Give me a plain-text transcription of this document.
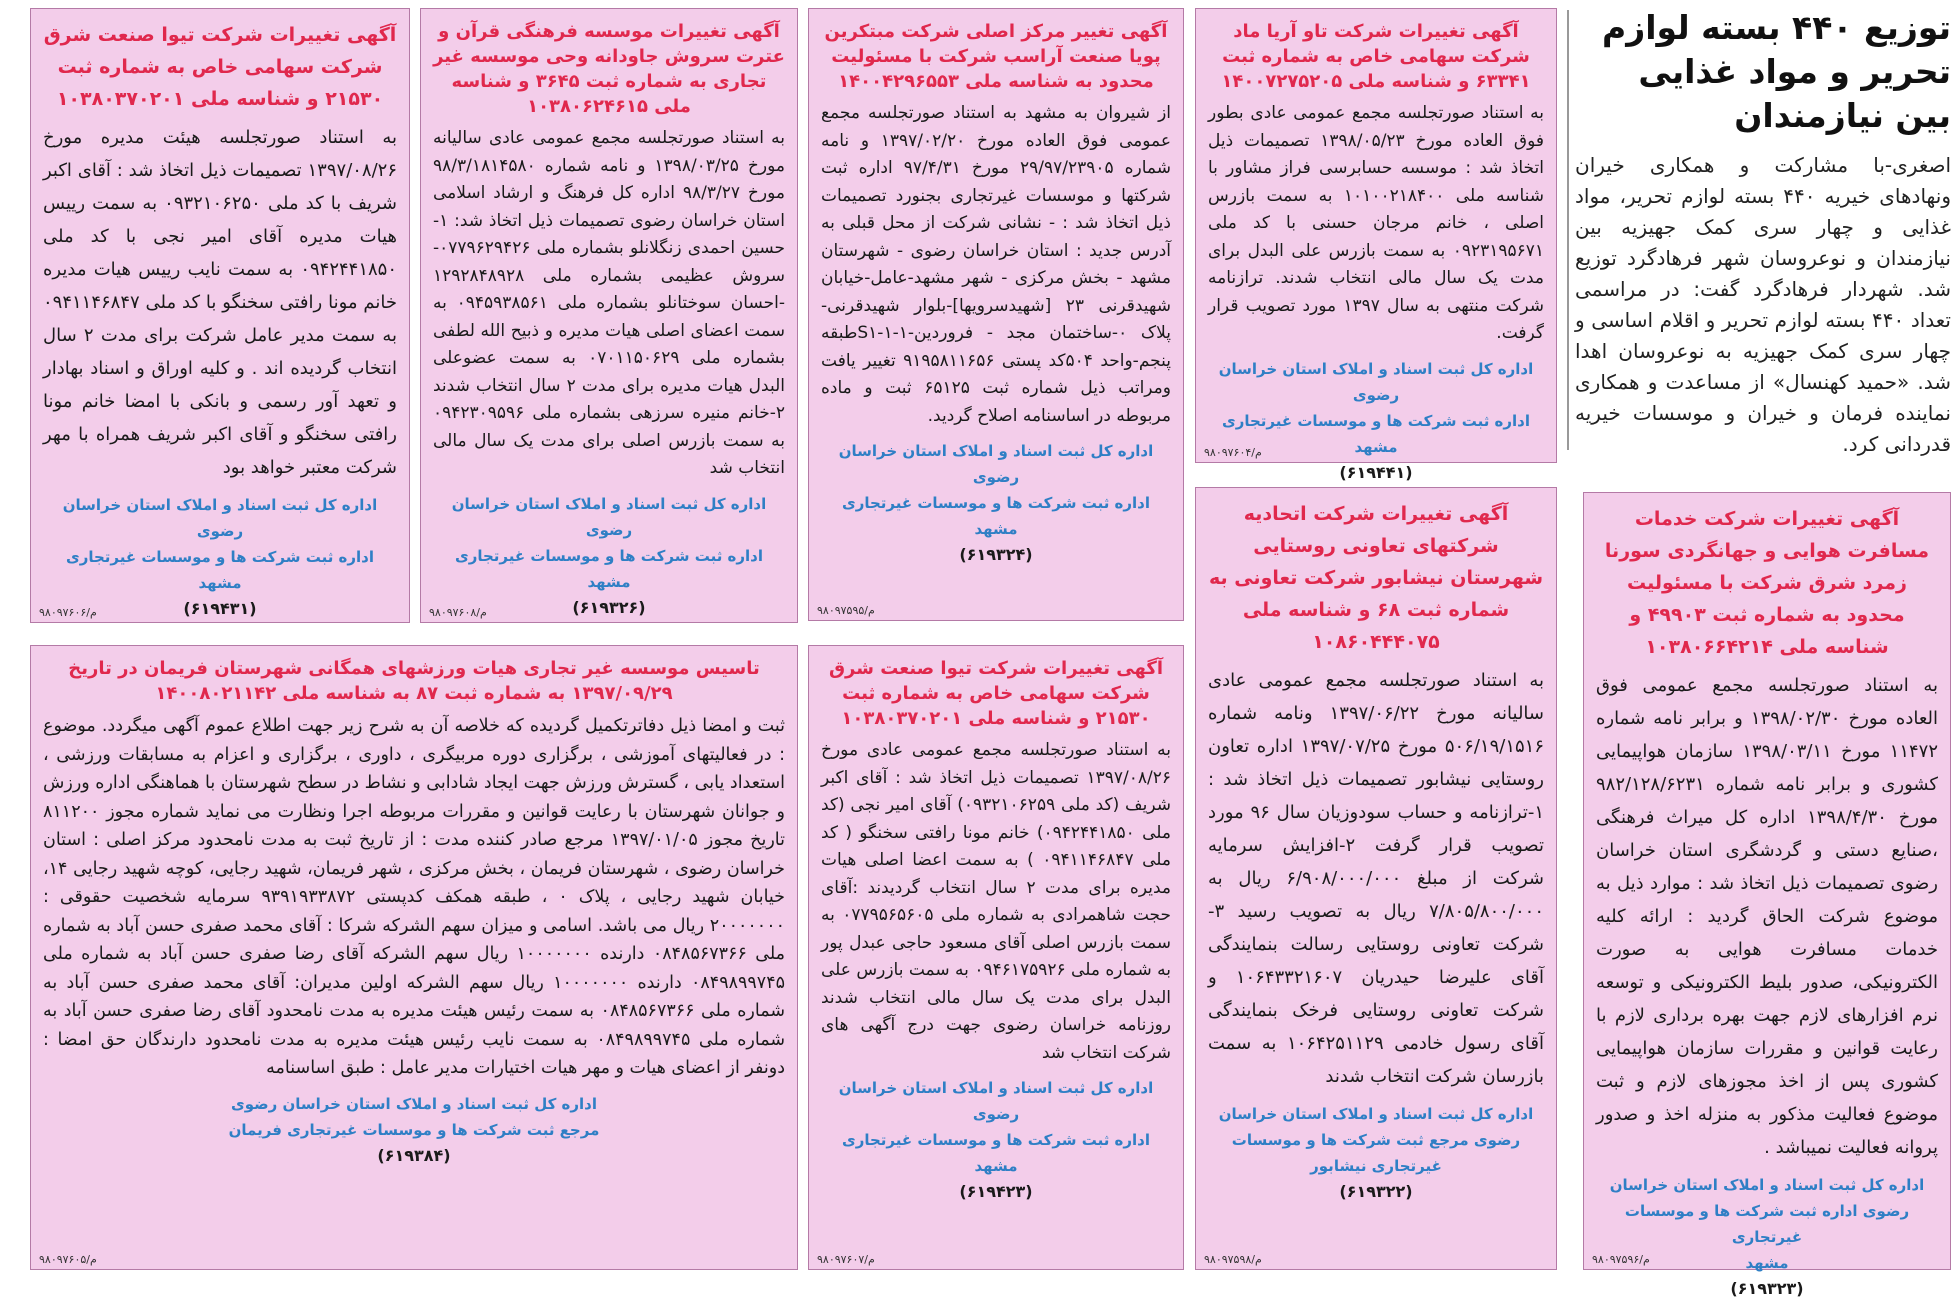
توزیع ۴۴۰ بسته لوازم تحریر و مواد غذایی بین نیازمندان

اصغری-با مشارکت و همکاری خیران ونهادهای خیریه ۴۴۰ بسته لوازم تحریر، مواد غذایی و چهار سری کمک جهیزیه بین نیازمندان و نوعروسان شهر فرهادگرد توزیع شد. شهردار فرهادگرد گفت: در مراسمی تعداد ۴۴۰ بسته لوازم تحریر و اقلام اساسی و چهار سری کمک جهیزیه به نوعروسان اهدا شد. «حمید کهنسال» از مساعدت و همکاری نماینده فرمان و خیران و موسسات خیریه قدردانی کرد.

آگهی تغییرات شرکت تاو آریا ماد شرکت سهامی خاص به شماره ثبت ۶۳۳۴۱ و شناسه ملی ۱۴۰۰۷۲۷۵۲۰۵

به استناد صورتجلسه مجمع عمومی عادی بطور فوق العاده مورخ ۱۳۹۸/۰۵/۲۳ تصمیمات ذیل اتخاذ شد : موسسه حسابرسی فراز مشاور با شناسه ملی ۱۰۱۰۰۲۱۸۴۰۰ به سمت بازرس اصلی ، خانم مرجان حسنی با کد ملی ۰۹۲۳۱۹۵۶۷۱ به سمت بازرس علی البدل برای مدت یک سال مالی انتخاب شدند. ترازنامه شرکت منتهی به سال ۱۳۹۷ مورد تصویب قرار گرفت.

اداره کل ثبت اسناد و املاک استان خراسان رضوی
اداره ثبت شرکت ها و موسسات غیرتجاری مشهد
(۶۱۹۴۴۱)
۹۸۰۹۷۶۰۴/م

آگهی تغییر مرکز اصلی شرکت مبتکرین پویا صنعت آراسب شرکت با مسئولیت محدود به شناسه ملی ۱۴۰۰۴۲۹۶۵۵۳

از شیروان به مشهد به استناد صورتجلسه مجمع عمومی فوق العاده مورخ ۱۳۹۷/۰۲/۲۰ و نامه شماره ۲۹/۹۷/۲۳۹۰۵ مورخ ۹۷/۴/۳۱ اداره ثبت شرکتها و موسسات غیرتجاری بجنورد تصمیمات ذیل اتخاذ شد : - نشانی شرکت از محل قبلی به آدرس جدید : استان خراسان رضوی - شهرستان مشهد - بخش مرکزی - شهر مشهد-عامل-خیابان شهیدقرنی ۲۳ [شهیدسرویها]-بلوار شهیدقرنی-پلاک ۰-ساختمان مجد - فروردین-۱-۱-S۱طبقه پنجم-واحد ۵۰۴کد پستی ۹۱۹۵۸۱۱۶۵۶ تغییر یافت ومراتب ذیل شماره ثبت ۶۵۱۲۵ ثبت و ماده مربوطه در اساسنامه اصلاح گردید.

اداره کل ثبت اسناد و املاک استان خراسان رضوی
اداره ثبت شرکت ها و موسسات غیرتجاری مشهد
(۶۱۹۳۲۴)
۹۸۰۹۷۵۹۵/م

آگهی تغییرات موسسه فرهنگی قرآن و عترت سروش جاودانه وحی موسسه غیر تجاری به شماره ثبت ۳۶۴۵ و شناسه ملی ۱۰۳۸۰۶۲۴۶۱۵

به استناد صورتجلسه مجمع عمومی عادی سالیانه مورخ ۱۳۹۸/۰۳/۲۵ و نامه شماره ۹۸/۳/۱۸۱۴۵۸۰ مورخ ۹۸/۳/۲۷ اداره کل فرهنگ و ارشاد اسلامی استان خراسان رضوی تصمیمات ذیل اتخاذ شد: ۱-حسین احمدی زنگلانلو بشماره ملی ۰۷۷۹۶۲۹۴۲۶-سروش عظیمی بشماره ملی ۱۲۹۲۸۴۸۹۲۸ -احسان سوختانلو بشماره ملی ۰۹۴۵۹۳۸۵۶۱ به سمت اعضای اصلی هیات مدیره و ذبیح الله لطفی بشماره ملی ۰۷۰۱۱۵۰۶۲۹ به سمت عضوعلی البدل هیات مدیره برای مدت ۲ سال انتخاب شدند ۲-خانم منیره سرزهی بشماره ملی ۰۹۴۲۳۰۹۵۹۶ به سمت بازرس اصلی برای مدت یک سال مالی انتخاب شد

اداره کل ثبت اسناد و املاک استان خراسان رضوی
اداره ثبت شرکت ها و موسسات غیرتجاری مشهد
(۶۱۹۳۲۶)
۹۸۰۹۷۶۰۸/م

آگهی تغییرات شرکت تیوا صنعت شرق شرکت سهامی خاص به شماره ثبت ۲۱۵۳۰ و شناسه ملی ۱۰۳۸۰۳۷۰۲۰۱

به استناد صورتجلسه هیئت مدیره مورخ ۱۳۹۷/۰۸/۲۶ تصمیمات ذیل اتخاذ شد : آقای اکبر شریف با کد ملی ۰۹۳۲۱۰۶۲۵۰ به سمت رییس هیات مدیره آقای امیر نجی با کد ملی ۰۹۴۲۴۴۱۸۵۰ به سمت نایب رییس هیات مدیره خانم مونا رافتی سخنگو با کد ملی ۰۹۴۱۱۴۶۸۴۷ به سمت مدیر عامل شرکت برای مدت ۲ سال انتخاب گردیده اند . و کلیه اوراق و اسناد بهادار و تعهد آور رسمی و بانکی با امضا خانم مونا رافتی سخنگو و آقای اکبر شریف همراه با مهر شرکت معتبر خواهد بود

اداره کل ثبت اسناد و املاک استان خراسان رضوی
اداره ثبت شرکت ها و موسسات غیرتجاری مشهد
(۶۱۹۴۳۱)
۹۸۰۹۷۶۰۶/م

آگهی تغییرات شرکت خدمات مسافرت هوایی و جهانگردی سورنا زمرد شرق شرکت با مسئولیت محدود به شماره ثبت ۴۹۹۰۳ و شناسه ملی ۱۰۳۸۰۶۶۴۲۱۴

به استناد صورتجلسه مجمع عمومی فوق العاده مورخ ۱۳۹۸/۰۲/۳۰ و برابر نامه شماره ۱۱۴۷۲ مورخ ۱۳۹۸/۰۳/۱۱ سازمان هواپیمایی کشوری و برابر نامه شماره ۹۸۲/۱۲۸/۶۲۳۱ مورخ ۱۳۹۸/۴/۳۰ اداره کل میراث فرهنگی ،صنایع دستی و گردشگری استان خراسان رضوی تصمیمات ذیل اتخاذ شد : موارد ذیل به موضوع شرکت الحاق گردید : ارائه کلیه خدمات مسافرت هوایی به صورت الکترونیکی، صدور بلیط الکترونیکی و توسعه نرم افزارهای لازم جهت بهره برداری لازم با رعایت قوانین و مقررات سازمان هواپیمایی کشوری پس از اخذ مجوزهای لازم و ثبت موضوع فعالیت مذکور به منزله اخذ و صدور پروانه فعالیت نمیباشد .

اداره کل ثبت اسناد و املاک استان خراسان رضوی اداره ثبت شرکت ها و موسسات غیرتجاری
مشهد
(۶۱۹۳۲۳)
۹۸۰۹۷۵۹۶/م

آگهی تغییرات شرکت اتحادیه شرکتهای تعاونی روستایی شهرستان نیشابور شرکت تعاونی به شماره ثبت ۶۸ و شناسه ملی ۱۰۸۶۰۴۴۴۰۷۵

به استناد صورتجلسه مجمع عمومی عادی سالیانه مورخ ۱۳۹۷/۰۶/۲۲ ونامه شماره ۵۰۶/۱۹/۱۵۱۶ مورخ ۱۳۹۷/۰۷/۲۵ اداره تعاون روستایی نیشابور تصمیمات ذیل اتخاذ شد : ۱-ترازنامه و حساب سودوزیان سال ۹۶ مورد تصویب قرار گرفت ۲-افزایش سرمایه شرکت از مبلغ ۶/۹۰۸/۰۰۰/۰۰۰ ریال به ۷/۸۰۵/۸۰۰/۰۰۰ ریال به تصویب رسید ۳-شرکت تعاونی روستایی رسالت بنمایندگی آقای علیرضا حیدریان ۱۰۶۴۳۳۲۱۶۰۷ و شرکت تعاونی روستایی فرخک بنمایندگی آقای رسول خادمی ۱۰۶۴۲۵۱۱۲۹ به سمت بازرسان شرکت انتخاب شدند

اداره کل ثبت اسناد و املاک استان خراسان رضوی مرجع ثبت شرکت ها و موسسات
غیرتجاری نیشابور
(۶۱۹۳۲۲)
۹۸۰۹۷۵۹۸/م

آگهی تغییرات شرکت تیوا صنعت شرق شرکت سهامی خاص به شماره ثبت ۲۱۵۳۰ و شناسه ملی ۱۰۳۸۰۳۷۰۲۰۱

به استناد صورتجلسه مجمع عمومی عادی مورخ ۱۳۹۷/۰۸/۲۶ تصمیمات ذیل اتخاذ شد : آقای اکبر شریف (کد ملی ۰۹۳۲۱۰۶۲۵۹) آقای امیر نجی (کد ملی ۰۹۴۲۴۴۱۸۵۰) خانم مونا رافتی سخنگو ( کد ملی ۰۹۴۱۱۴۶۸۴۷ ) به سمت اعضا اصلی هیات مدیره برای مدت ۲ سال انتخاب گردیدند :آقای حجت شاهمرادی به شماره ملی ۰۷۷۹۵۶۵۶۰۵ به سمت بازرس اصلی آقای مسعود حاجی عبدل پور به شماره ملی ۰۹۴۶۱۷۵۹۲۶ به سمت بازرس علی البدل برای مدت یک سال مالی انتخاب شدند روزنامه خراسان رضوی جهت درج آگهی های شرکت انتخاب شد

اداره کل ثبت اسناد و املاک استان خراسان رضوی
اداره ثبت شرکت ها و موسسات غیرتجاری مشهد
(۶۱۹۴۲۳)
۹۸۰۹۷۶۰۷/م

تاسیس موسسه غیر تجاری هیات ورزشهای همگانی شهرستان فریمان در تاریخ ۱۳۹۷/۰۹/۲۹ به شماره ثبت ۸۷ به شناسه ملی ۱۴۰۰۸۰۲۱۱۴۲

ثبت و امضا ذیل دفاترتکمیل گردیده که خلاصه آن به شرح زیر جهت اطلاع عموم آگهی میگردد. موضوع : در فعالیتهای آموزشی ، برگزاری دوره مربیگری ، داوری ، برگزاری و اعزام به مسابقات ورزشی ، استعداد یابی ، گسترش ورزش جهت ایجاد شادابی و نشاط در سطح شهرستان با هماهنگی اداره ورزش و جوانان شهرستان با رعایت قوانین و مقررات مربوطه اجرا ونظارت می نماید شماره مجوز ۸۱۱۲۰۰ تاریخ مجوز ۱۳۹۷/۰۱/۰۵ مرجع صادر کننده مدت : از تاریخ ثبت به مدت نامحدود مرکز اصلی : استان خراسان رضوی ، شهرستان فریمان ، بخش مرکزی ، شهر فریمان، شهید رجایی، کوچه شهید رجایی ۱۴، خیابان شهید رجایی ، پلاک ۰ ، طبقه همکف کدپستی ۹۳۹۱۹۳۳۸۷۲ سرمایه شخصیت حقوقی : ۲۰۰۰۰۰۰۰ ریال می باشد. اسامی و میزان سهم الشرکه شرکا : آقای محمد صفری حسن آباد به شماره ملی ۰۸۴۸۵۶۷۳۶۶ دارنده ۱۰۰۰۰۰۰۰ ریال سهم الشرکه آقای رضا صفری حسن آباد به شماره ملی ۰۸۴۹۸۹۹۷۴۵ دارنده ۱۰۰۰۰۰۰۰ ریال سهم الشرکه اولین مدیران: آقای محمد صفری حسن آباد به شماره ملی ۰۸۴۸۵۶۷۳۶۶ به سمت رئیس هیئت مدیره به مدت نامحدود آقای رضا صفری حسن آباد به شماره ملی ۰۸۴۹۸۹۹۷۴۵ به سمت نایب رئیس هیئت مدیره به مدت نامحدود دارندگان حق امضا : دونفر از اعضای هیات و مهر هیات اختیارات مدیر عامل : طبق اساسنامه

اداره کل ثبت اسناد و املاک استان خراسان رضوی
مرجع ثبت شرکت ها و موسسات غیرتجاری فریمان
(۶۱۹۳۸۴)
۹۸۰۹۷۶۰۵/م
